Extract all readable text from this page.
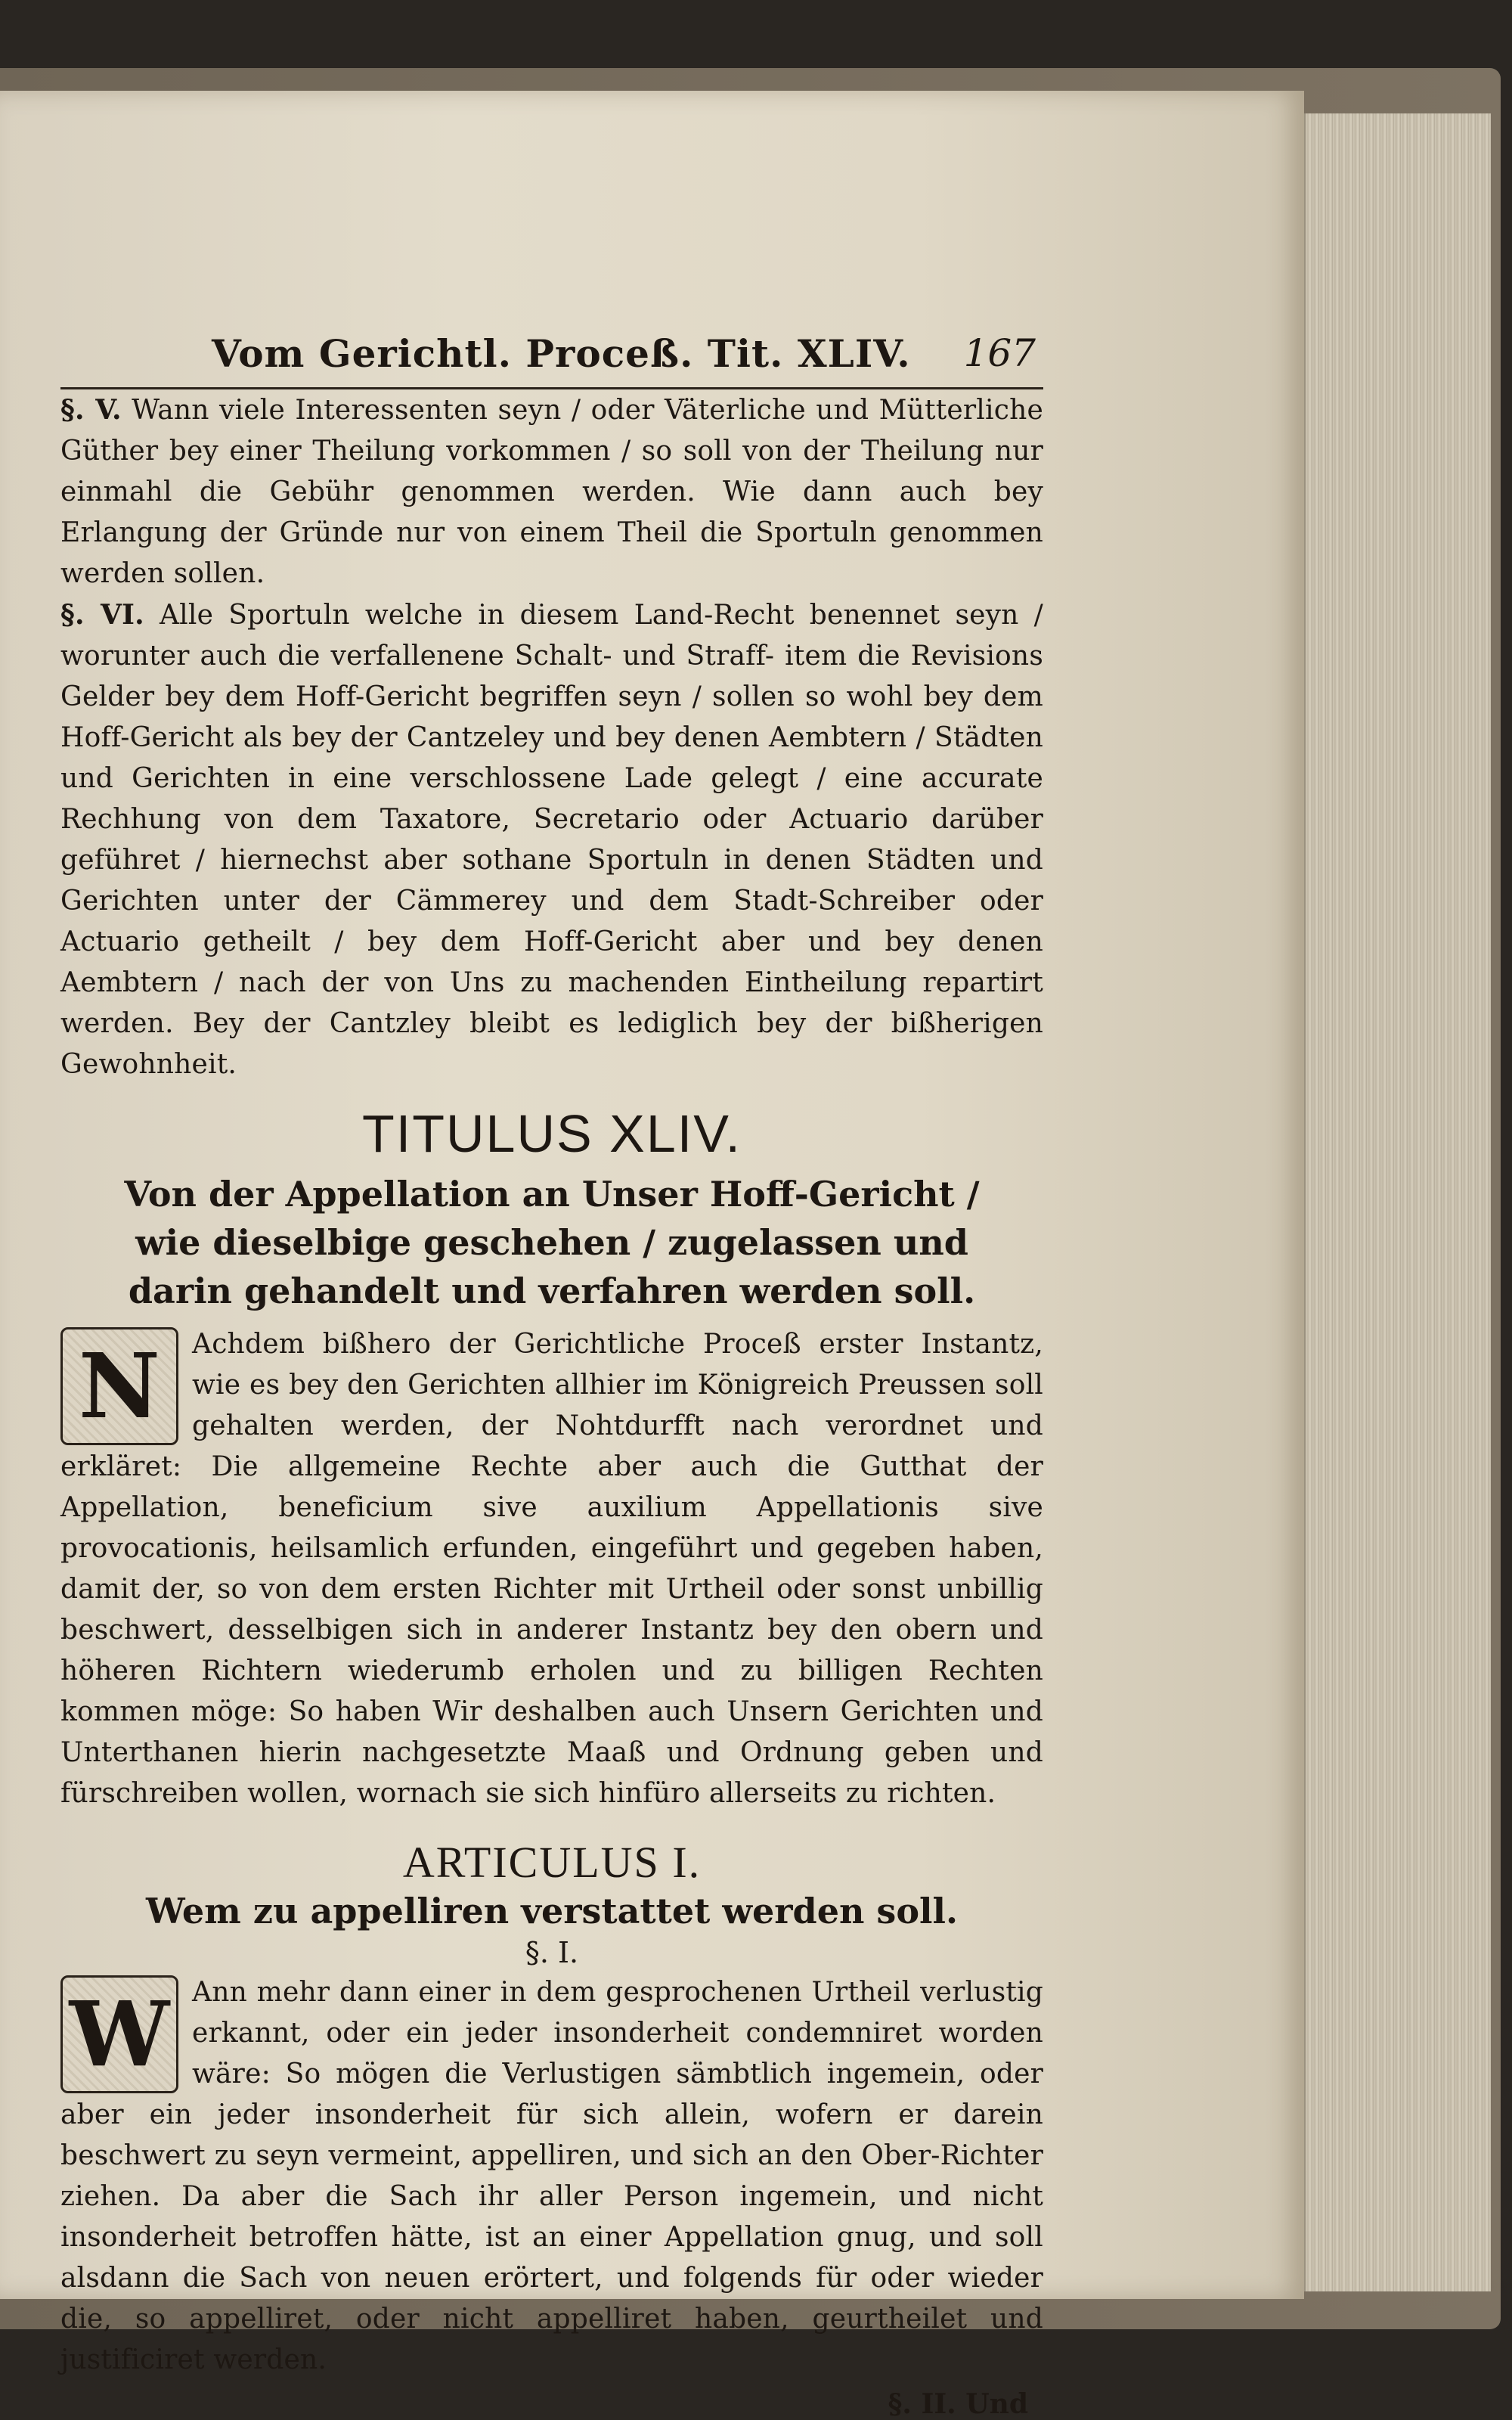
Vom Gerichtl. Proceß. Tit. XLIV. 167

§. V. Wann viele Interessenten seyn / oder Väterliche und Mütterliche Güther bey einer Theilung vorkommen / so soll von der Theilung nur einmahl die Gebühr genommen werden. Wie dann auch bey Erlangung der Gründe nur von einem Theil die Sportuln genommen werden sollen.

§. VI. Alle Sportuln welche in diesem Land-Recht benennet seyn / worunter auch die verfallenene Schalt- und Straff- item die Revisions Gelder bey dem Hoff-Gericht begriffen seyn / sollen so wohl bey dem Hoff-Gericht als bey der Cantzeley und bey denen Aembtern / Städten und Gerichten in eine verschlossene Lade gelegt / eine accurate Rechhung von dem Taxatore, Secretario oder Actuario darüber geführet / hiernechst aber sothane Sportuln in denen Städten und Gerichten unter der Cämmerey und dem Stadt-Schreiber oder Actuario getheilt / bey dem Hoff-Gericht aber und bey denen Aembtern / nach der von Uns zu machenden Eintheilung repartirt werden. Bey der Cantzley bleibt es lediglich bey der bißherigen Gewohnheit.

TITULUS XLIV.
Von der Appellation an Unser Hoff-Gericht / wie dieselbige geschehen / zugelassen und darin gehandelt und verfahren werden soll.

N	Achdem bißhero der Gerichtliche Proceß erster Instantz, wie es bey den Gerichten allhier im Königreich Preussen soll gehalten werden, der Nohtdurfft nach verordnet und erkläret: Die allgemeine Rechte aber auch die Gutthat der Appellation, beneficium sive auxilium Appellationis sive provocationis, heilsamlich erfunden, eingeführt und gegeben haben, damit der, so von dem ersten Richter mit Urtheil oder sonst unbillig beschwert, desselbigen sich in anderer Instantz bey den obern und höheren Richtern wiederumb erholen und zu billigen Rechten kommen möge: So haben Wir deshalben auch Unsern Gerichten und Unterthanen hierin nachgesetzte Maaß und Ordnung geben und fürschreiben wollen, wornach sie sich hinfüro allerseits zu richten.

ARTICULUS I.
Wem zu appelliren verstattet werden soll.
§. I.

W Ann mehr dann einer in dem gesprochenen Urtheil verlustig erkannt, oder ein jeder insonderheit condemniret worden wäre: So mögen die Verlustigen sämbtlich ingemein, oder aber ein jeder insonderheit für sich allein, wofern er darein beschwert zu seyn vermeint, appelliren, und sich an den Ober-Richter ziehen. Da aber die Sach ihr aller Person ingemein, und nicht insonderheit betroffen hätte, ist an einer Appellation gnug, und soll alsdann die Sach von neuen erörtert, und folgends für oder wieder die, so appelliret, oder nicht appelliret haben, geurtheilet und justificiret werden.

§. II. Und
